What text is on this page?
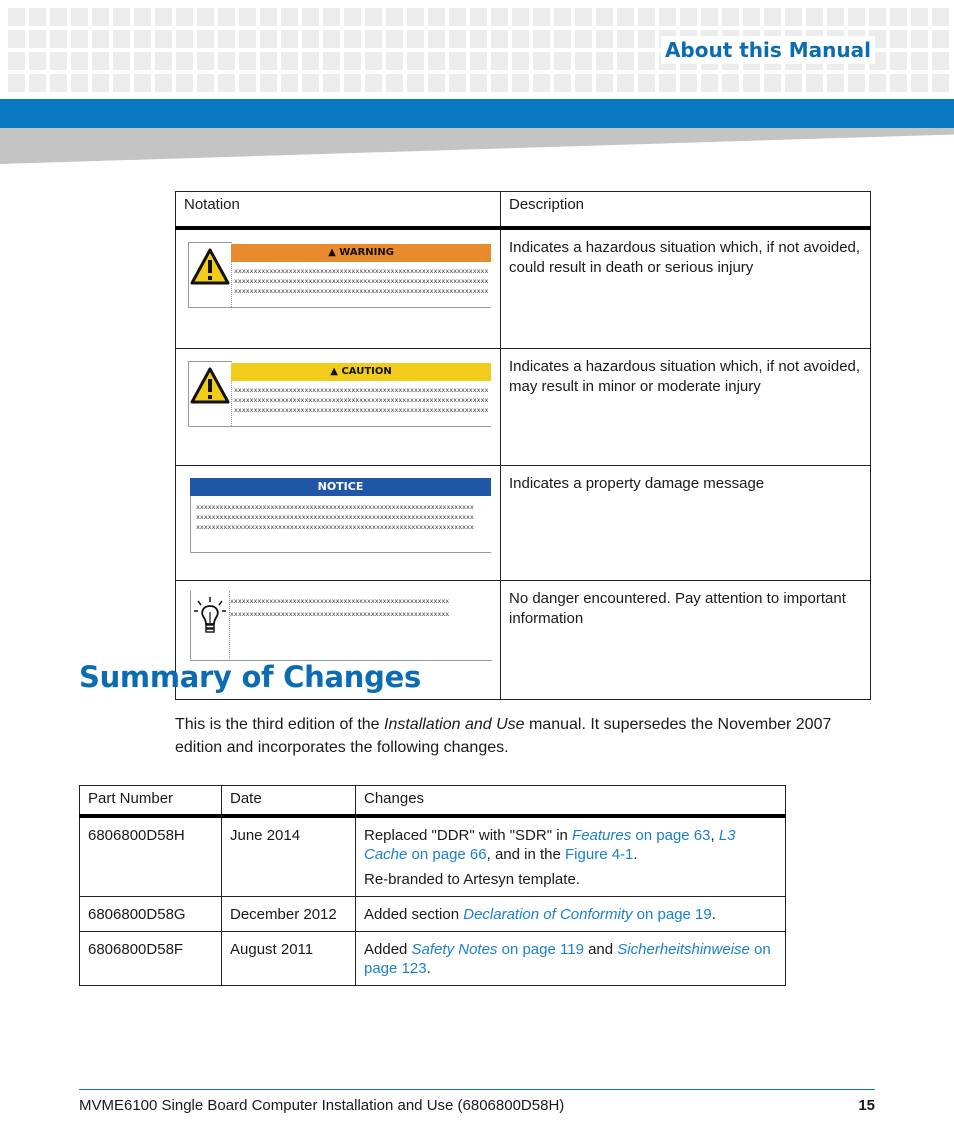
About this Manual
Notation	Description

▲ WARNING
xxxxxxxxxxxxxxxxxxxxxxxxxxxxxxxxxxxxxxxxxxxxxxxxxxxxxxxxxxxxxxxxx
xxxxxxxxxxxxxxxxxxxxxxxxxxxxxxxxxxxxxxxxxxxxxxxxxxxxxxxxxxxxxxxxx
xxxxxxxxxxxxxxxxxxxxxxxxxxxxxxxxxxxxxxxxxxxxxxxxxxxxxxxxxxxxxxxxx	Indicates a hazardous situation which, if not avoided, could result in death or serious injury

▲ CAUTION
xxxxxxxxxxxxxxxxxxxxxxxxxxxxxxxxxxxxxxxxxxxxxxxxxxxxxxxxxxxxxxxxx
xxxxxxxxxxxxxxxxxxxxxxxxxxxxxxxxxxxxxxxxxxxxxxxxxxxxxxxxxxxxxxxxx
xxxxxxxxxxxxxxxxxxxxxxxxxxxxxxxxxxxxxxxxxxxxxxxxxxxxxxxxxxxxxxxxx	Indicates a hazardous situation which, if not avoided, may result in minor or moderate injury

NOTICE
xxxxxxxxxxxxxxxxxxxxxxxxxxxxxxxxxxxxxxxxxxxxxxxxxxxxxxxxxxxxxxxxxxxxxxx
xxxxxxxxxxxxxxxxxxxxxxxxxxxxxxxxxxxxxxxxxxxxxxxxxxxxxxxxxxxxxxxxxxxxxxx
xxxxxxxxxxxxxxxxxxxxxxxxxxxxxxxxxxxxxxxxxxxxxxxxxxxxxxxxxxxxxxxxxxxxxxx	Indicates a property damage message

xxxxxxxxxxxxxxxxxxxxxxxxxxxxxxxxxxxxxxxxxxxxxxxxxxxxxxxx
xxxxxxxxxxxxxxxxxxxxxxxxxxxxxxxxxxxxxxxxxxxxxxxxxxxxxxxx	No danger encountered. Pay attention to important information
Summary of Changes

This is the third edition of the Installation and Use manual. It supersedes the November 2007 edition and incorporates the following changes.

Part Number	Date	Changes
6806800D58H	June 2014	Replaced "DDR" with "SDR" in Features on page 63, L3 Cache on page 66, and in the Figure 4-1.
Re-branded to Artesyn template.

6806800D58G	December 2012	Added section Declaration of Conformity on page 19.
6806800D58F	August 2011	Added Safety Notes on page 119 and Sicherheitshinweise on page 123.
MVME6100 Single Board Computer Installation and Use (6806800D58H)	15
